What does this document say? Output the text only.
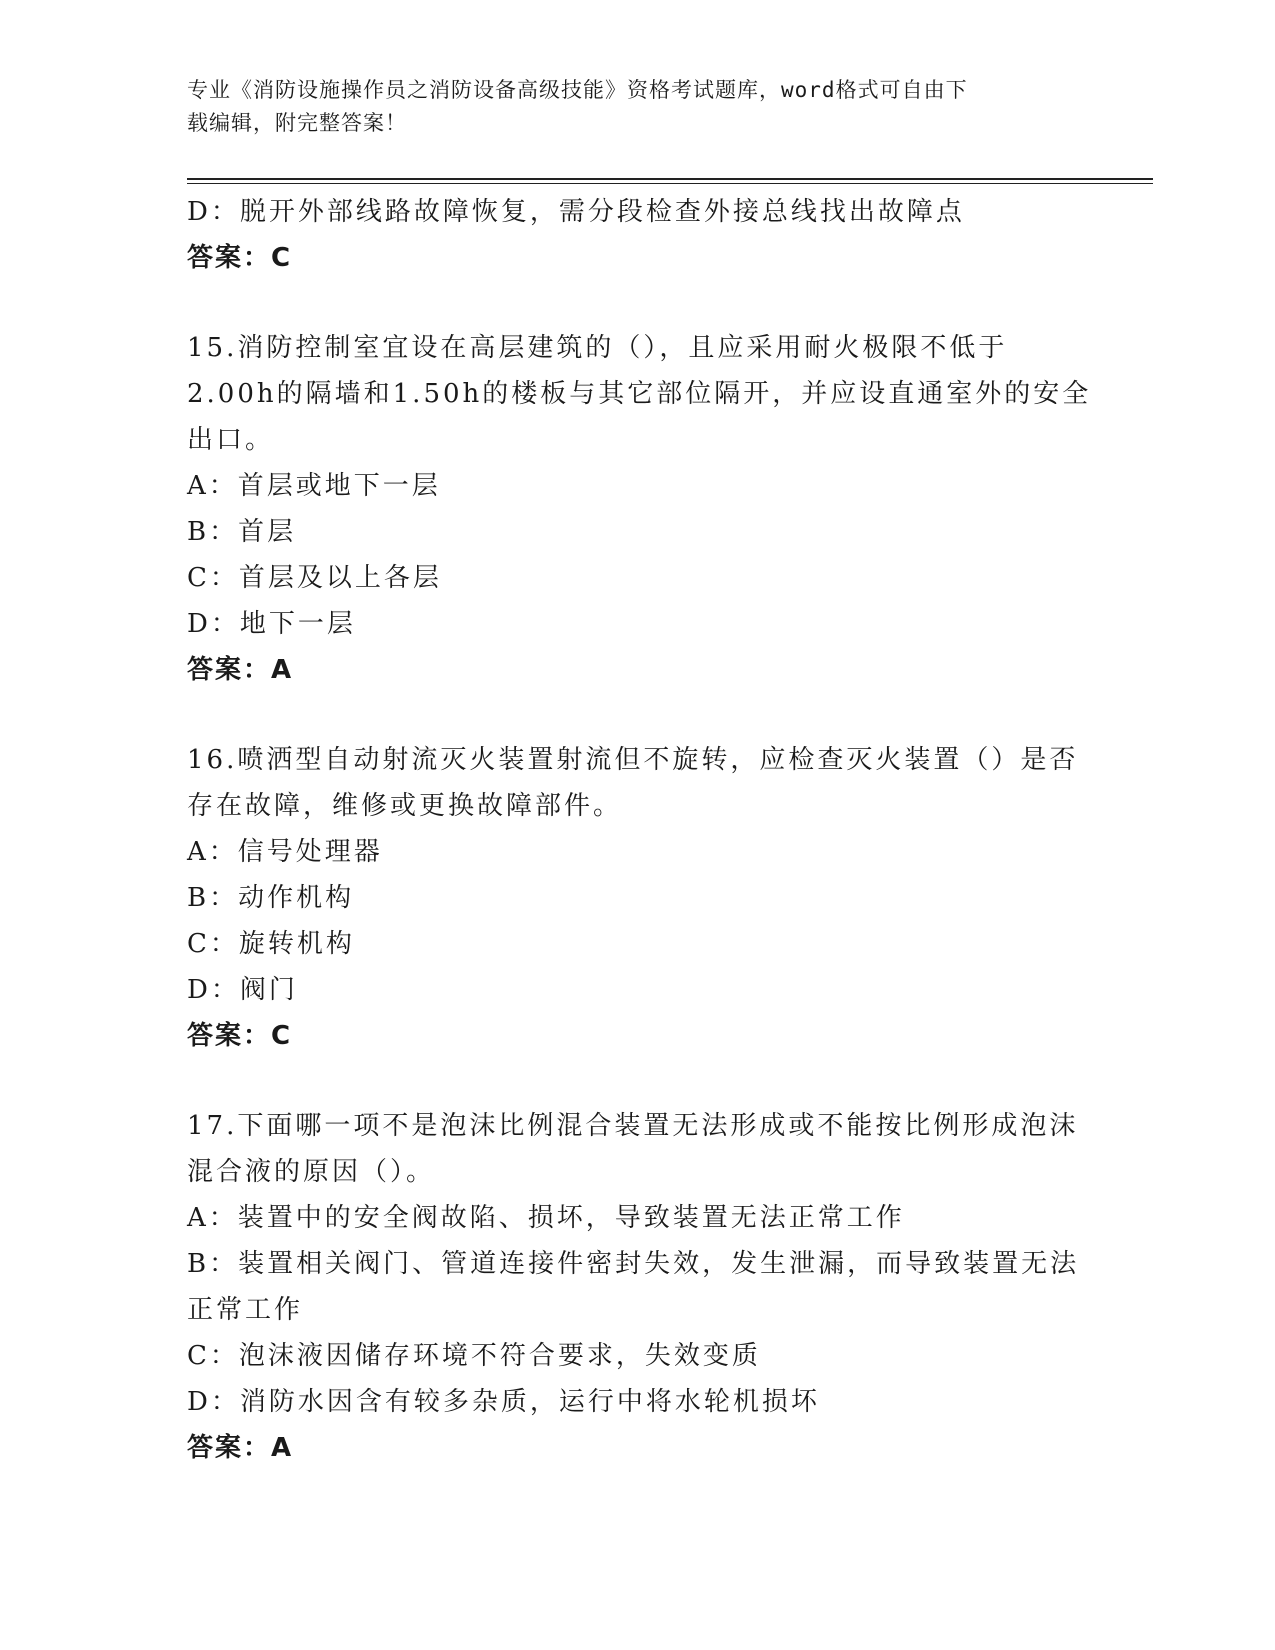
专业《消防设施操作员之消防设备高级技能》资格考试题库，word格式可自由下
载编辑，附完整答案！
D：脱开外部线路故障恢复，需分段检查外接总线找出故障点
答案：C
15.消防控制室宜设在高层建筑的（），且应采用耐火极限不低于
2.00h的隔墙和1.50h的楼板与其它部位隔开，并应设直通室外的安全
出口。
A：首层或地下一层
B：首层
C：首层及以上各层
D：地下一层
答案：A
16.喷洒型自动射流灭火装置射流但不旋转，应检查灭火装置（）是否
存在故障，维修或更换故障部件。
A：信号处理器
B：动作机构
C：旋转机构
D：阀门
答案：C
17.下面哪一项不是泡沫比例混合装置无法形成或不能按比例形成泡沫
混合液的原因（）。
A：装置中的安全阀故陷、损坏，导致装置无法正常工作
B：装置相关阀门、管道连接件密封失效，发生泄漏，而导致装置无法
正常工作
C：泡沫液因储存环境不符合要求，失效变质
D：消防水因含有较多杂质，运行中将水轮机损坏
答案：A
